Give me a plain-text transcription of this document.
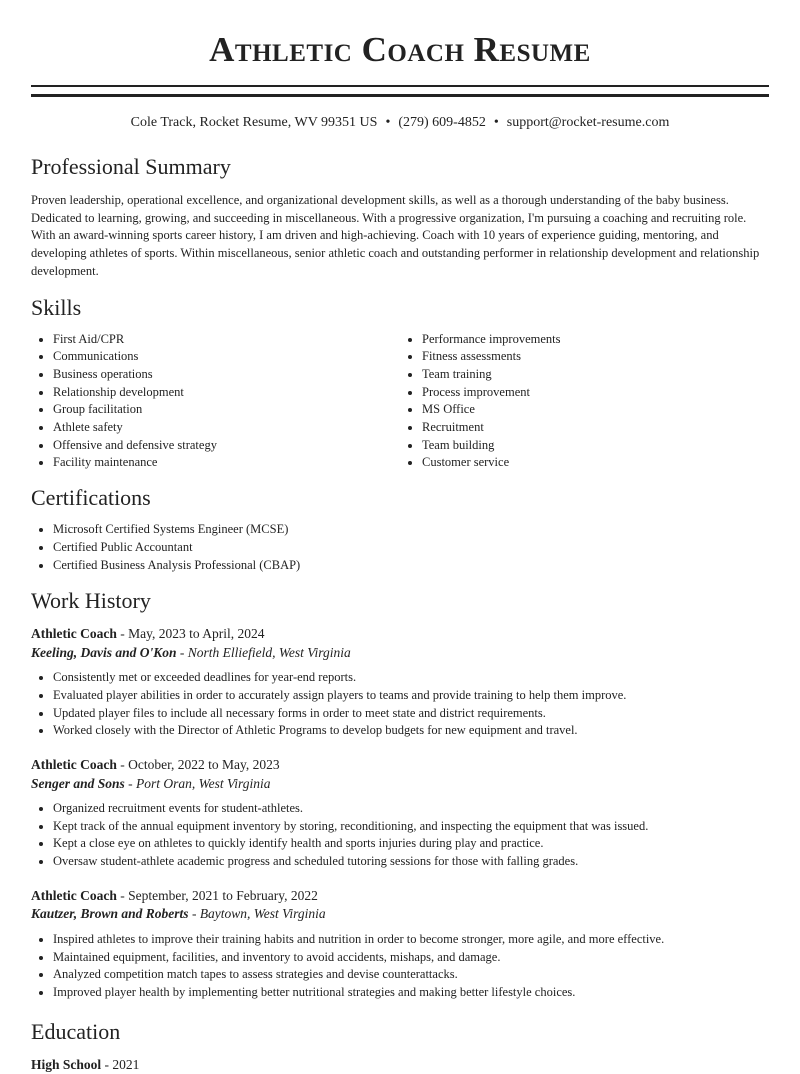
Athletic Coach Resume
Cole Track, Rocket Resume, WV 99351 US • (279) 609-4852 • support@rocket-resume.com
Professional Summary

Proven leadership, operational excellence, and organizational development skills, as well as a thorough understanding of the baby business. Dedicated to learning, growing, and succeeding in miscellaneous. With a progressive organization, I'm pursuing a coaching and recruiting role. With an award-winning sports career history, I am driven and high-achieving. Coach with 10 years of experience guiding, mentoring, and developing athletes of sports. Within miscellaneous, senior athletic coach and outstanding performer in relationship development and relationship development.

Skills
• First Aid/CPR
• Communications
• Business operations
• Relationship development
• Group facilitation
• Athlete safety
• Offensive and defensive strategy
• Facility maintenance
• Performance improvements
• Fitness assessments
• Team training
• Process improvement
• MS Office
• Recruitment
• Team building
• Customer service
Certifications
• Microsoft Certified Systems Engineer (MCSE)
• Certified Public Accountant
• Certified Business Analysis Professional (CBAP)
Work History
Athletic Coach - May, 2023 to April, 2024
Keeling, Davis and O'Kon - North Elliefield, West Virginia
• Consistently met or exceeded deadlines for year-end reports.
• Evaluated player abilities in order to accurately assign players to teams and provide training to help them improve.
• Updated player files to include all necessary forms in order to meet state and district requirements.
• Worked closely with the Director of Athletic Programs to develop budgets for new equipment and travel.
Athletic Coach - October, 2022 to May, 2023
Senger and Sons - Port Oran, West Virginia
• Organized recruitment events for student-athletes.
• Kept track of the annual equipment inventory by storing, reconditioning, and inspecting the equipment that was issued.
• Kept a close eye on athletes to quickly identify health and sports injuries during play and practice.
• Oversaw student-athlete academic progress and scheduled tutoring sessions for those with falling grades.
Athletic Coach - September, 2021 to February, 2022
Kautzer, Brown and Roberts - Baytown, West Virginia
• Inspired athletes to improve their training habits and nutrition in order to become stronger, more agile, and more effective.
• Maintained equipment, facilities, and inventory to avoid accidents, mishaps, and damage.
• Analyzed competition match tapes to assess strategies and devise counterattacks.
• Improved player health by implementing better nutritional strategies and making better lifestyle choices.
Education
High School - 2021
